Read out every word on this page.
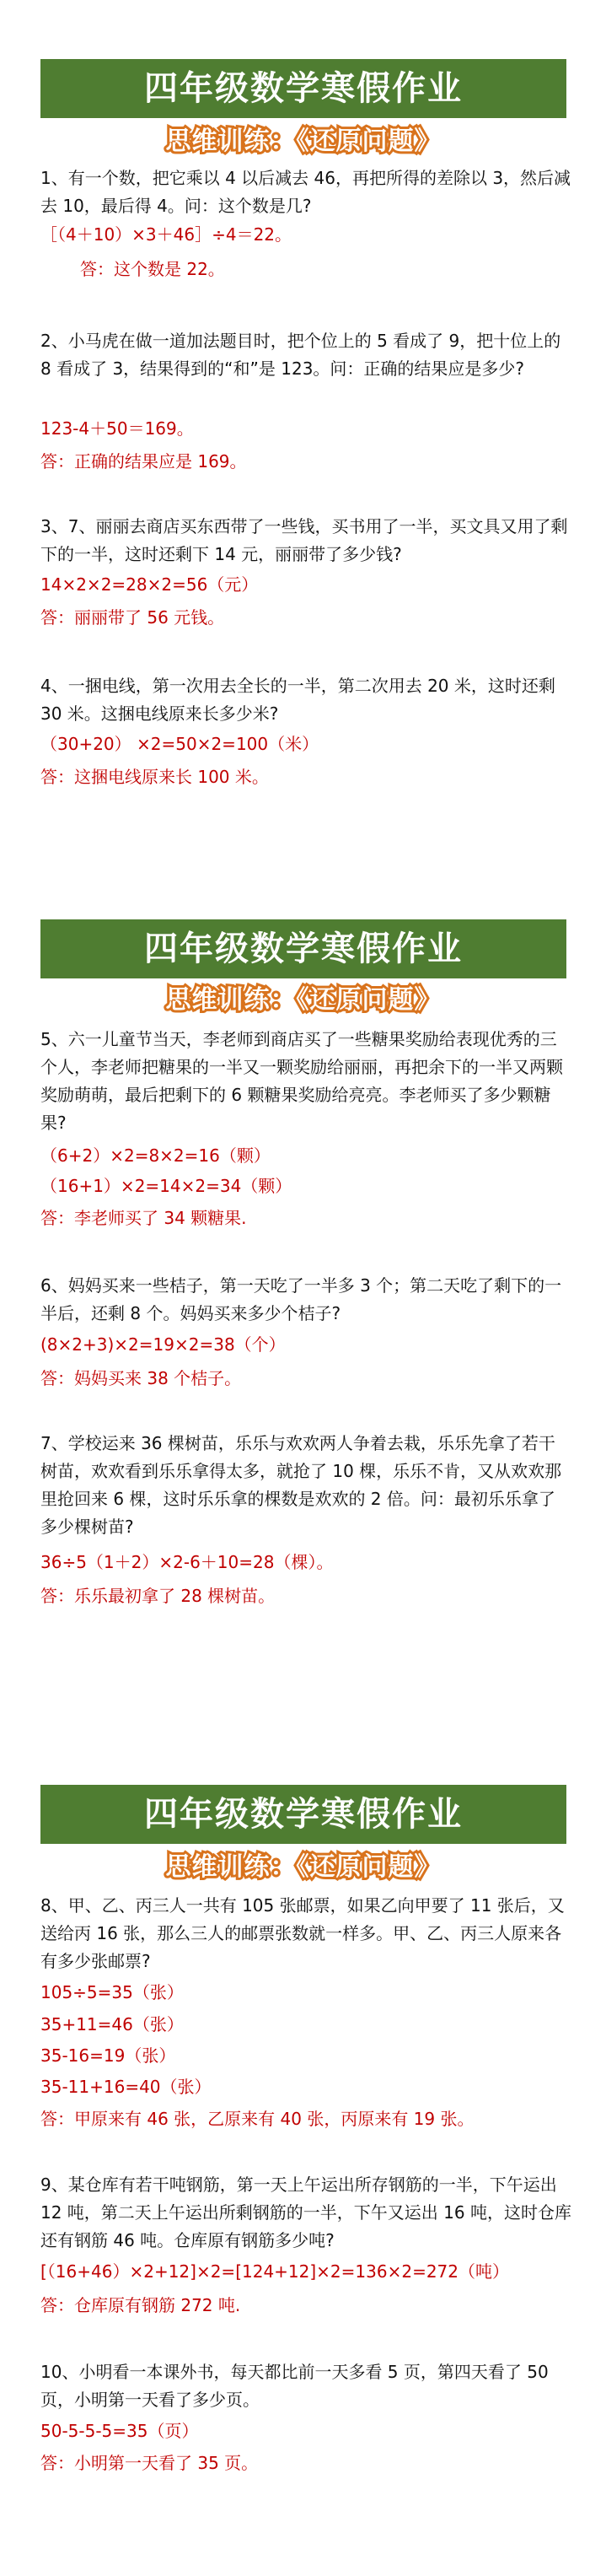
四年级数学寒假作业
思维训练：《还原问题》
1、有一个数，把它乘以 4 以后减去 46，再把所得的差除以 3，然后减去 10，最后得 4。问：这个数是几?
［（4＋10）×3＋46］÷4＝22。
答：这个数是 22。
2、小马虎在做一道加法题目时，把个位上的 5 看成了 9，把十位上的 8 看成了 3，结果得到的“和”是 123。问：正确的结果应是多少?
123-4＋50＝169。
答：正确的结果应是 169。
3、7、丽丽去商店买东西带了一些钱，买书用了一半，买文具又用了剩下的一半，这时还剩下 14 元，丽丽带了多少钱?
14×2×2=28×2=56（元）
答：丽丽带了 56 元钱。
4、一捆电线，第一次用去全长的一半，第二次用去 20 米，这时还剩 30 米。这捆电线原来长多少米?
（30+20） ×2=50×2=100（米）
答：这捆电线原来长 100 米。
四年级数学寒假作业
思维训练：《还原问题》
5、六一儿童节当天，李老师到商店买了一些糖果奖励给表现优秀的三个人，李老师把糖果的一半又一颗奖励给丽丽，再把余下的一半又两颗奖励萌萌，最后把剩下的 6 颗糖果奖励给亮亮。李老师买了多少颗糖果?
（6+2）×2=8×2=16（颗）
（16+1）×2=14×2=34（颗）
答：李老师买了 34 颗糖果.
6、妈妈买来一些桔子，第一天吃了一半多 3 个；第二天吃了剩下的一半后，还剩 8 个。妈妈买来多少个桔子?
(8×2+3)×2=19×2=38（个）
答：妈妈买来 38 个桔子。
7、学校运来 36 棵树苗，乐乐与欢欢两人争着去栽，乐乐先拿了若干树苗，欢欢看到乐乐拿得太多，就抢了 10 棵，乐乐不肯，又从欢欢那里抢回来 6 棵，这时乐乐拿的棵数是欢欢的 2 倍。问：最初乐乐拿了多少棵树苗?
36÷5（1＋2）×2-6＋10=28（棵）。
答：乐乐最初拿了 28 棵树苗。
四年级数学寒假作业
思维训练：《还原问题》
8、甲、乙、丙三人一共有 105 张邮票，如果乙向甲要了 11 张后，又送给丙 16 张，那么三人的邮票张数就一样多。甲、乙、丙三人原来各有多少张邮票?
105÷5=35（张）
35+11=46（张）
35-16=19（张）
35-11+16=40（张）
答：甲原来有 46 张，乙原来有 40 张，丙原来有 19 张。
9、某仓库有若干吨钢筋，第一天上午运出所存钢筋的一半，下午运出 12 吨，第二天上午运出所剩钢筋的一半，下午又运出 16 吨，这时仓库还有钢筋 46 吨。仓库原有钢筋多少吨?
[（16+46）×2+12]×2=[124+12]×2=136×2=272（吨）
答：仓库原有钢筋 272 吨.
10、小明看一本课外书，每天都比前一天多看 5 页，第四天看了 50 页，小明第一天看了多少页。
50-5-5-5=35（页）
答：小明第一天看了 35 页。
